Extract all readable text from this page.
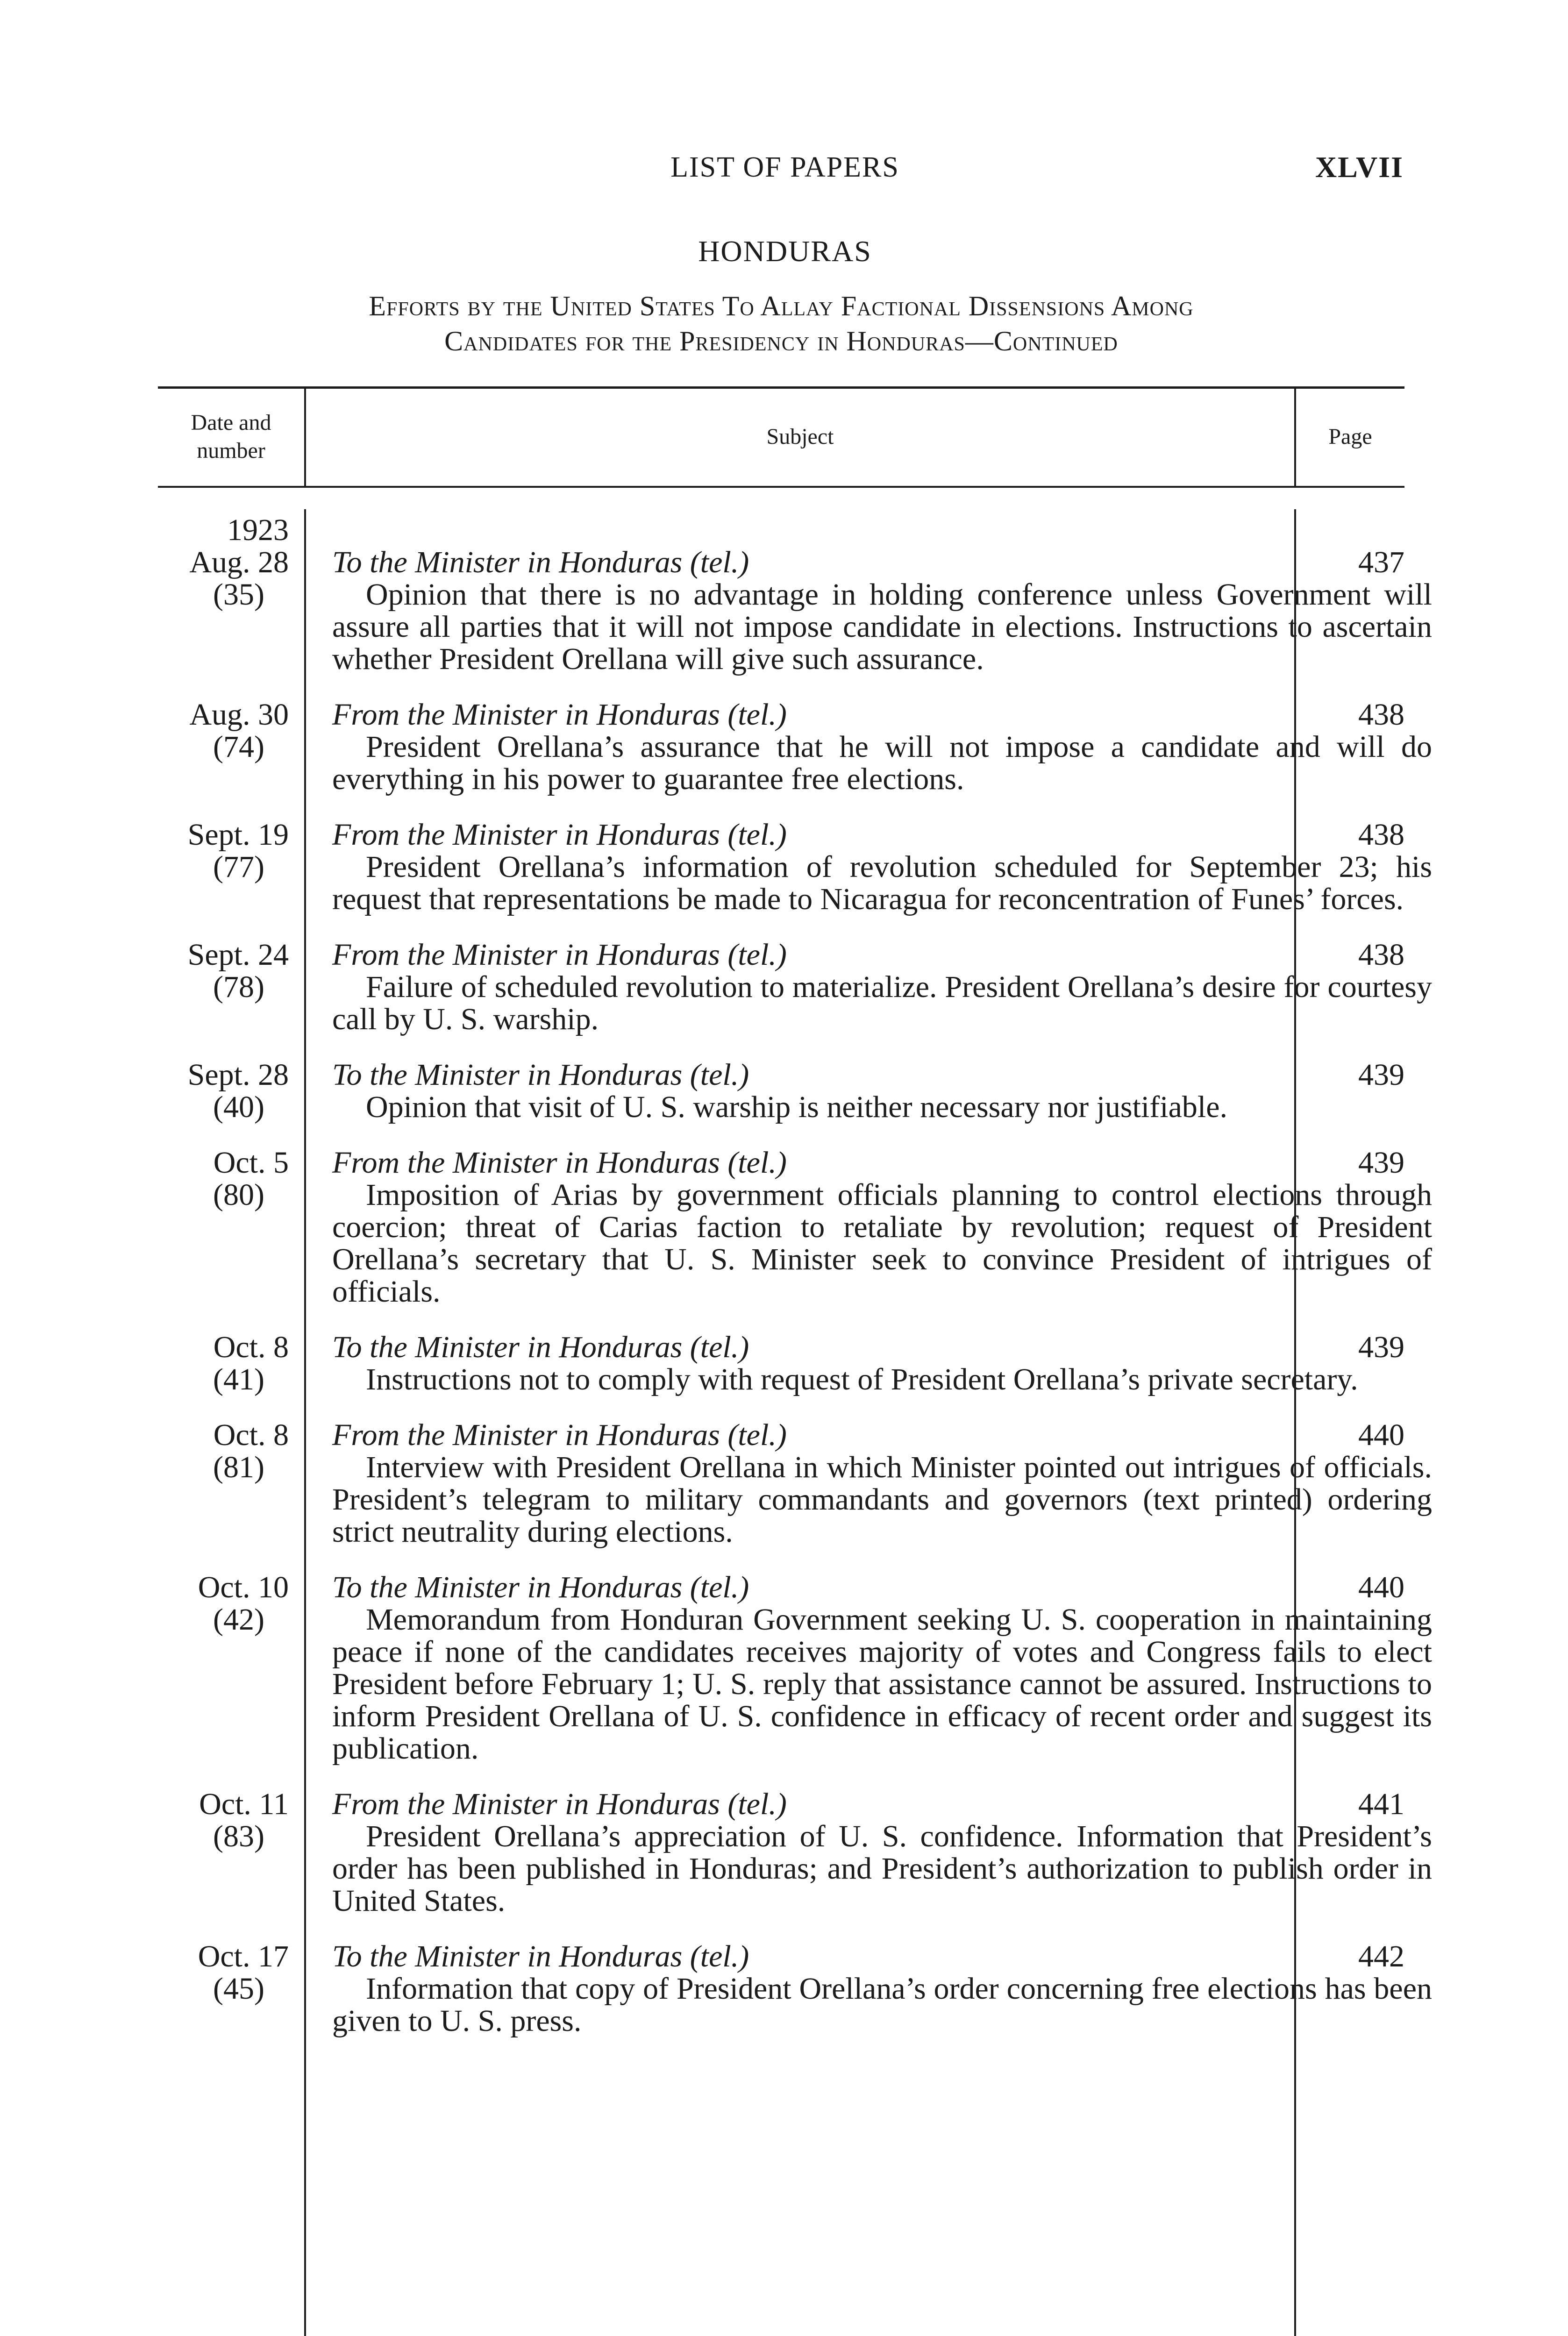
LIST OF PAPERS	XLVII
HONDURAS
Efforts by the United States To Allay Factional Dissensions Among
Candidates for the Presidency in Honduras—Continued
Date and number
Subject	Page
1923
Aug. 28
(35)
To the Minister in Honduras (tel.)
Opinion that there is no advantage in holding conference unless Government will assure all parties that it will not impose candidate in elections. Instructions to ascertain whether President Orellana will give such assurance.
437
Aug. 30
(74)
From the Minister in Honduras (tel.)
President Orellana’s assurance that he will not impose a candidate and will do everything in his power to guarantee free elections.
438
Sept. 19
(77)
From the Minister in Honduras (tel.)
President Orellana’s information of revolution scheduled for September 23; his request that representations be made to Nicaragua for reconcentration of Funes’ forces.
438
Sept. 24
(78)
From the Minister in Honduras (tel.)
Failure of scheduled revolution to materialize. President Orellana’s desire for courtesy call by U. S. warship.
438
Sept. 28
(40)
To the Minister in Honduras (tel.)
Opinion that visit of U. S. warship is neither necessary nor justifiable.
439
Oct. 5
(80)
From the Minister in Honduras (tel.)
Imposition of Arias by government officials planning to control elections through coercion; threat of Carias faction to retaliate by revolution; request of President Orellana’s secretary that U. S. Minister seek to convince President of intrigues of officials.
439
Oct. 8
(41)
To the Minister in Honduras (tel.)
Instructions not to comply with request of President Orellana’s private secretary.
439
Oct. 8
(81)
From the Minister in Honduras (tel.)
Interview with President Orellana in which Minister pointed out intrigues of officials. President’s telegram to military commandants and governors (text printed) ordering strict neutrality during elections.
440
Oct. 10
(42)
To the Minister in Honduras (tel.)
Memorandum from Honduran Government seeking U. S. cooperation in maintaining peace if none of the candidates receives majority of votes and Congress fails to elect President before February 1; U. S. reply that assistance cannot be assured. Instructions to inform President Orellana of U. S. confidence in efficacy of recent order and suggest its publication.
440
Oct. 11
(83)
From the Minister in Honduras (tel.)
President Orellana’s appreciation of U. S. confidence. Information that President’s order has been published in Honduras; and President’s authorization to publish order in United States.
441
Oct. 17
(45)
To the Minister in Honduras (tel.)
Information that copy of President Orellana’s order concerning free elections has been given to U. S. press.
442
